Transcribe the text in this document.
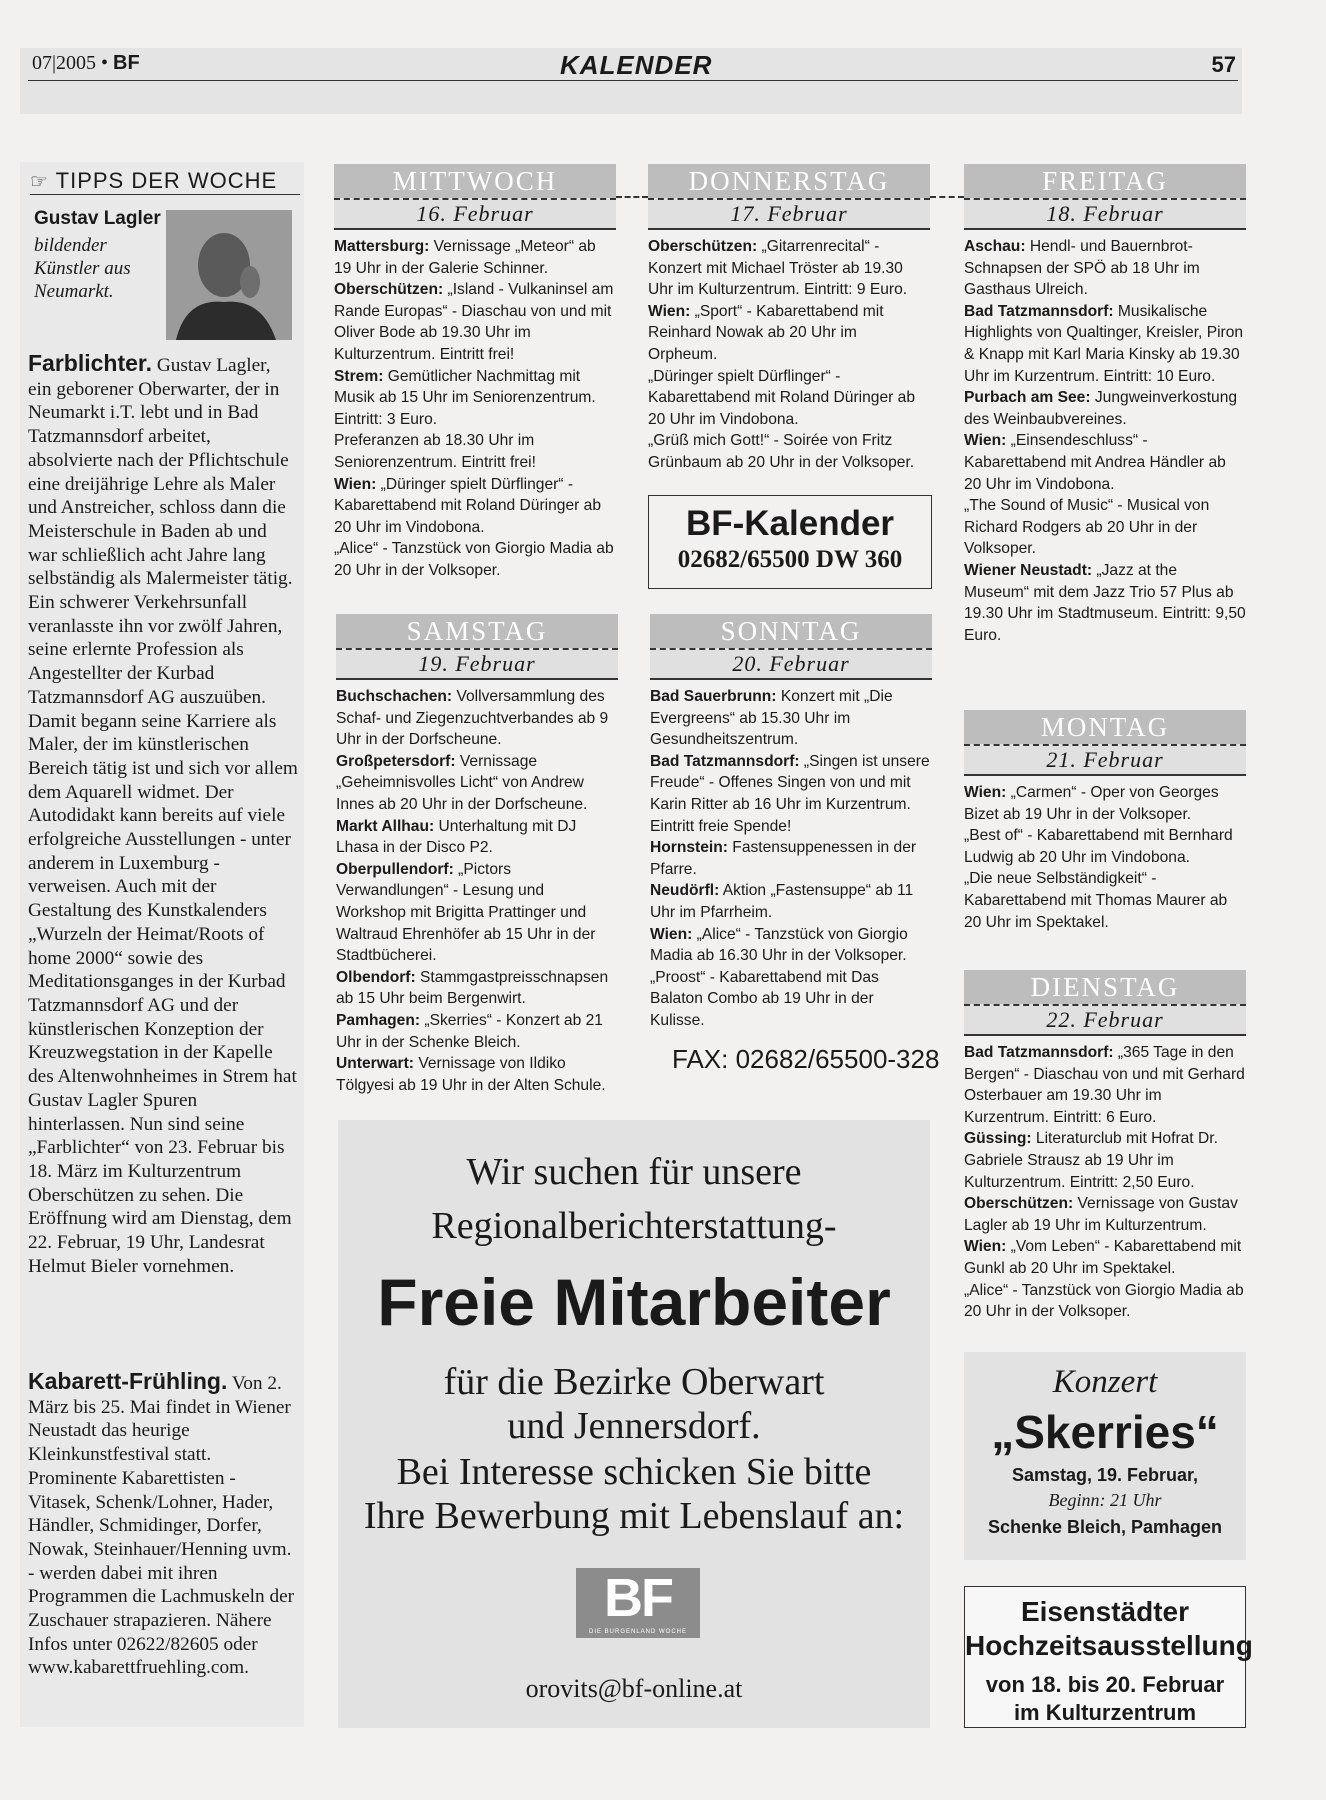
07|2005 • BF	KALENDER	57
☞ TIPPS DER WOCHE
Gustav Lagler
bildender Künstler aus Neumarkt.

Farblichter. Gustav Lagler, ein geborener Oberwarter, der in Neumarkt i.T. lebt und in Bad Tatzmannsdorf arbeitet, absolvierte nach der Pflichtschule eine dreijährige Lehre als Maler und Anstreicher, schloss dann die Meisterschule in Baden ab und war schließlich acht Jahre lang selbständig als Malermeister tätig. Ein schwerer Verkehrsunfall veranlasste ihn vor zwölf Jahren, seine erlernte Profession als Angestellter der Kurbad Tatzmannsdorf AG auszuüben. Damit begann seine Karriere als Maler, der im künstlerischen Bereich tätig ist und sich vor allem dem Aquarell widmet. Der Autodidakt kann bereits auf viele erfolgreiche Ausstellungen - unter anderem in Luxemburg - verweisen. Auch mit der Gestaltung des Kunstkalenders „Wurzeln der Heimat/Roots of home 2000“ sowie des Meditationsganges in der Kurbad Tatzmannsdorf AG und der künstlerischen Konzeption der Kreuzwegstation in der Kapelle des Altenwohnheimes in Strem hat Gustav Lagler Spuren hinterlassen. Nun sind seine „Farblichter“ von 23. Februar bis 18. März im Kulturzentrum Oberschützen zu sehen. Die Eröffnung wird am Dienstag, dem 22. Februar, 19 Uhr, Landesrat Helmut Bieler vornehmen.

Kabarett-Frühling. Von 2. März bis 25. Mai findet in Wiener Neustadt das heurige Kleinkunstfestival statt. Prominente Kabarettisten - Vitasek, Schenk/Lohner, Hader, Händler, Schmidinger, Dorfer, Nowak, Steinhauer/Henning uvm. - werden dabei mit ihren Programmen die Lachmuskeln der Zuschauer strapazieren. Nähere Infos unter 02622/82605 oder www.kabarettfruehling.com.

MITTWOCH
16. Februar

Mattersburg: Vernissage „Meteor“ ab 19 Uhr in der Galerie Schinner.

Oberschützen: „Island - Vulkaninsel am Rande Europas“ - Diaschau von und mit Oliver Bode ab 19.30 Uhr im Kulturzentrum. Eintritt frei!

Strem: Gemütlicher Nachmittag mit Musik ab 15 Uhr im Seniorenzentrum. Eintritt: 3 Euro.

Preferanzen ab 18.30 Uhr im Seniorenzentrum. Eintritt frei!

Wien: „Düringer spielt Dürflinger“ - Kabarettabend mit Roland Düringer ab 20 Uhr im Vindobona.

„Alice“ - Tanzstück von Giorgio Madia ab 20 Uhr in der Volksoper.

DONNERSTAG
17. Februar

Oberschützen: „Gitarrenrecital“ - Konzert mit Michael Tröster ab 19.30 Uhr im Kulturzentrum. Eintritt: 9 Euro.

Wien: „Sport“ - Kabarettabend mit Reinhard Nowak ab 20 Uhr im Orpheum.

„Düringer spielt Dürflinger“ - Kabarettabend mit Roland Düringer ab 20 Uhr im Vindobona.

„Grüß mich Gott!“ - Soirée von Fritz Grünbaum ab 20 Uhr in der Volksoper.

FREITAG
18. Februar

Aschau: Hendl- und Bauernbrot-Schnapsen der SPÖ ab 18 Uhr im Gasthaus Ulreich.

Bad Tatzmannsdorf: Musikalische Highlights von Qualtinger, Kreisler, Piron & Knapp mit Karl Maria Kinsky ab 19.30 Uhr im Kurzentrum. Eintritt: 10 Euro.

Purbach am See: Jungweinverkostung des Weinbaubvereines.

Wien: „Einsendeschluss“ - Kabarettabend mit Andrea Händler ab 20 Uhr im Vindobona.

„The Sound of Music“ - Musical von Richard Rodgers ab 20 Uhr in der Volksoper.

Wiener Neustadt: „Jazz at the Museum“ mit dem Jazz Trio 57 Plus ab 19.30 Uhr im Stadtmuseum. Eintritt: 9,50 Euro.

BF-Kalender
02682/65500 DW 360
SAMSTAG
19. Februar

Buchschachen: Vollversammlung des Schaf- und Ziegenzuchtverbandes ab 9 Uhr in der Dorfscheune.

Großpetersdorf: Vernissage „Geheimnisvolles Licht“ von Andrew Innes ab 20 Uhr in der Dorfscheune.

Markt Allhau: Unterhaltung mit DJ Lhasa in der Disco P2.

Oberpullendorf: „Pictors Verwandlungen“ - Lesung und Workshop mit Brigitta Prattinger und Waltraud Ehrenhöfer ab 15 Uhr in der Stadtbücherei.

Olbendorf: Stammgastpreisschnapsen ab 15 Uhr beim Bergenwirt.

Pamhagen: „Skerries“ - Konzert ab 21 Uhr in der Schenke Bleich.

Unterwart: Vernissage von Ildiko Tölgyesi ab 19 Uhr in der Alten Schule.

SONNTAG
20. Februar

Bad Sauerbrunn: Konzert mit „Die Evergreens“ ab 15.30 Uhr im Gesundheitszentrum.

Bad Tatzmannsdorf: „Singen ist unsere Freude“ - Offenes Singen von und mit Karin Ritter ab 16 Uhr im Kurzentrum. Eintritt freie Spende!

Hornstein: Fastensuppenessen in der Pfarre.

Neudörfl: Aktion „Fastensuppe“ ab 11 Uhr im Pfarrheim.

Wien: „Alice“ - Tanzstück von Giorgio Madia ab 16.30 Uhr in der Volksoper.

„Proost“ - Kabarettabend mit Das Balaton Combo ab 19 Uhr in der Kulisse.

FAX: 02682/65500-328
MONTAG
21. Februar

Wien: „Carmen“ - Oper von Georges Bizet ab 19 Uhr in der Volksoper.

„Best of“ - Kabarettabend mit Bernhard Ludwig ab 20 Uhr im Vindobona.

„Die neue Selbständigkeit“ - Kabarettabend mit Thomas Maurer ab 20 Uhr im Spektakel.

DIENSTAG
22. Februar

Bad Tatzmannsdorf: „365 Tage in den Bergen“ - Diaschau von und mit Gerhard Osterbauer am 19.30 Uhr im Kurzentrum. Eintritt: 6 Euro.

Güssing: Literaturclub mit Hofrat Dr. Gabriele Strausz ab 19 Uhr im Kulturzentrum. Eintritt: 2,50 Euro.

Oberschützen: Vernissage von Gustav Lagler ab 19 Uhr im Kulturzentrum.

Wien: „Vom Leben“ - Kabarettabend mit Gunkl ab 20 Uhr im Spektakel.

„Alice“ - Tanzstück von Giorgio Madia ab 20 Uhr in der Volksoper.

Wir suchen für unsere
Regionalberichterstattung-
Freie Mitarbeiter
für die Bezirke Oberwart
und Jennersdorf.
Bei Interesse schicken Sie bitte
Ihre Bewerbung mit Lebenslauf an:
BF
DIE BURGENLAND WOCHE
orovits@bf-online.at
Konzert
„Skerries“
Samstag, 19. Februar,
Beginn: 21 Uhr
Schenke Bleich, Pamhagen
Eisenstädter
Hochzeitsausstellung
von 18. bis 20. Februar
im Kulturzentrum
